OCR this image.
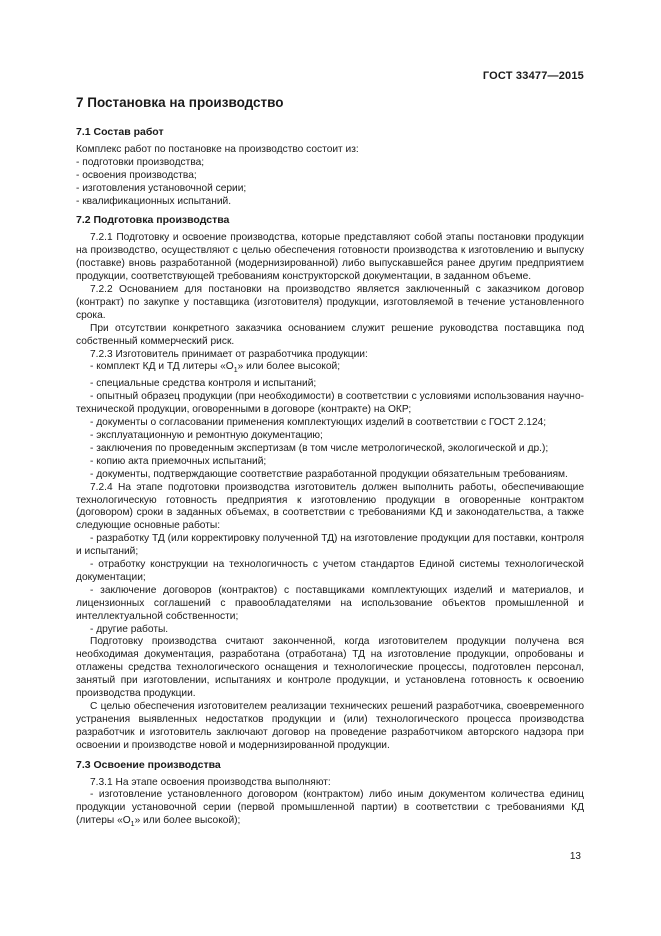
ГОСТ 33477—2015
7 Постановка на производство
7.1 Состав работ

Комплекс работ по постановке на производство состоит из:

- подготовки производства;

- освоения производства;

- изготовления установочной серии;

- квалификационных испытаний.

7.2 Подготовка производства

7.2.1 Подготовку и освоение производства, которые представляют собой этапы постановки продукции на производство, осуществляют с целью обеспечения готовности производства к изготовлению и выпуску (поставке) вновь разработанной (модернизированной) либо выпускавшейся ранее другим предприятием продукции, соответствующей требованиям конструкторской документации, в заданном объеме.

7.2.2 Основанием для постановки на производство является заключенный с заказчиком договор (контракт) по закупке у поставщика (изготовителя) продукции, изготовляемой в течение установленного срока.

При отсутствии конкретного заказчика основанием служит решение руководства поставщика под собственный коммерческий риск.

7.2.3 Изготовитель принимает от разработчика продукции:

- комплект КД и ТД литеры «$О_1$» или более высокой;

- специальные средства контроля и испытаний;

- опытный образец продукции (при необходимости) в соответствии с условиями использования научно-технической продукции, оговоренными в договоре (контракте) на ОКР;

- документы о согласовании применения комплектующих изделий в соответствии с ГОСТ 2.124;

- эксплуатационную и ремонтную документацию;

- заключения по проведенным экспертизам (в том числе метрологической, экологической и др.);

- копию акта приемочных испытаний;

- документы, подтверждающие соответствие разработанной продукции обязательным требованиям.

7.2.4 На этапе подготовки производства изготовитель должен выполнить работы, обеспечивающие технологическую готовность предприятия к изготовлению продукции в оговоренные контрактом (договором) сроки в заданных объемах, в соответствии с требованиями КД и законодательства, а также следующие основные работы:

- разработку ТД (или корректировку полученной ТД) на изготовление продукции для поставки, контроля и испытаний;

- отработку конструкции на технологичность с учетом стандартов Единой системы технологической документации;

- заключение договоров (контрактов) с поставщиками комплектующих изделий и материалов, и лицензионных соглашений с правообладателями на использование объектов промышленной и интеллектуальной собственности;

- другие работы.

Подготовку производства считают законченной, когда изготовителем продукции получена вся необходимая документация, разработана (отработана) ТД на изготовление продукции, опробованы и отлажены средства технологического оснащения и технологические процессы, подготовлен персонал, занятый при изготовлении, испытаниях и контроле продукции, и установлена готовность к освоению производства продукции.

С целью обеспечения изготовителем реализации технических решений разработчика, своевременного устранения выявленных недостатков продукции и (или) технологического процесса производства разработчик и изготовитель заключают договор на проведение разработчиком авторского надзора при освоении и производстве новой и модернизированной продукции.

7.3 Освоение производства

7.3.1 На этапе освоения производства выполняют:

- изготовление установленного договором (контрактом) либо иным документом количества единиц продукции установочной серии (первой промышленной партии) в соответствии с требованиями КД (литеры «$О_1$» или более высокой);

13
